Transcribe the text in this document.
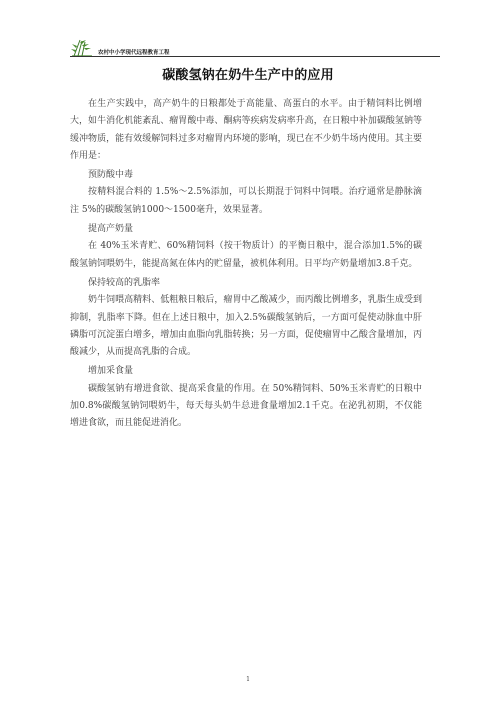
农村中小学现代远程教育工程
碳酸氢钠在奶牛生产中的应用

在生产实践中，高产奶牛的日粮都处于高能量、高蛋白的水平。由于精饲料比例增大，如牛消化机能紊乱、瘤胃酸中毒、酮病等疾病发病率升高，在日粮中补加碳酸氢钠等缓冲物质，能有效缓解饲料过多对瘤胃内环境的影响，现已在不少奶牛场内使用。其主要作用是：

预防酸中毒

按精料混合料的 1.5%～2.5%添加，可以长期混于饲料中饲喂。治疗通常是静脉滴注 5%的碳酸氢钠1000～1500毫升，效果显著。

提高产奶量

在 40%玉米青贮、60%精饲料（按干物质计）的平衡日粮中，混合添加1.5%的碳酸氢钠饲喂奶牛，能提高氮在体内的贮留量，被机体利用。日平均产奶量增加3.8千克。

保持较高的乳脂率

奶牛饲喂高精料、低粗粮日粮后，瘤胃中乙酸减少，而丙酸比例增多，乳脂生成受到抑制，乳脂率下降。但在上述日粮中，加入2.5%碳酸氢钠后，一方面可促使动脉血中肝磷脂可沉淀蛋白增多，增加由血脂向乳脂转换；另一方面，促使瘤胃中乙酸含量增加，丙酸减少，从而提高乳脂的合成。

增加采食量

碳酸氢钠有增进食欲、提高采食量的作用。在 50%精饲料、50%玉米青贮的日粮中加0.8%碳酸氢钠饲喂奶牛，每天每头奶牛总进食量增加2.1千克。在泌乳初期，不仅能增进食欲，而且能促进消化。

1
